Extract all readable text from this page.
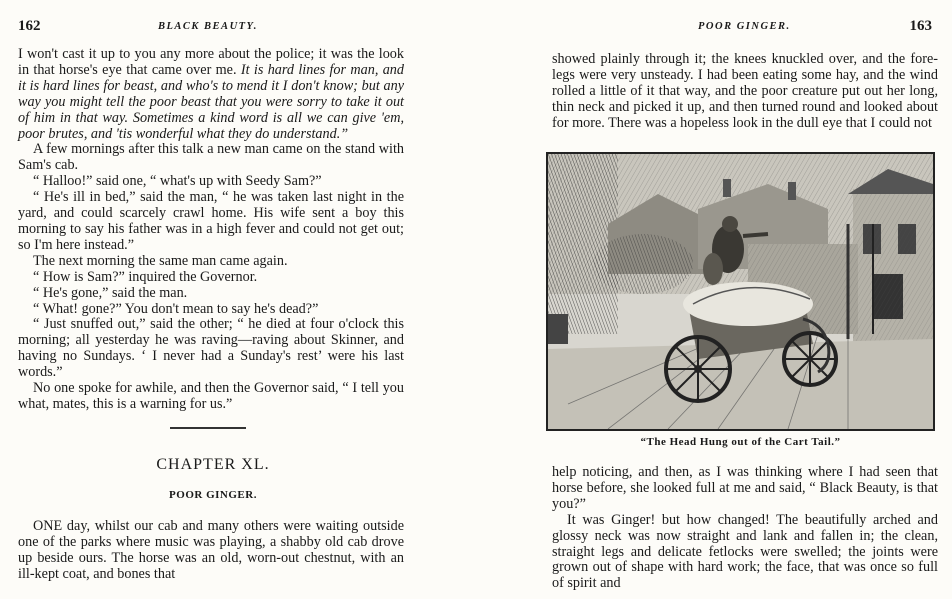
162	BLACK BEAUTY.

I won't cast it up to you any more about the police; it was the look in that horse's eye that came over me. It is hard lines for man, and it is hard lines for beast, and who's to mend it I don't know; but any way you might tell the poor beast that you were sorry to take it out of him in that way. Sometimes a kind word is all we can give 'em, poor brutes, and 'tis wonderful what they do understand.”

A few mornings after this talk a new man came on the stand with Sam's cab.

“ Halloo!” said one, “ what's up with Seedy Sam?”

“ He's ill in bed,” said the man, “ he was taken last night in the yard, and could scarcely crawl home. His wife sent a boy this morning to say his father was in a high fever and could not get out; so I'm here instead.”

The next morning the same man came again.

“ How is Sam?” inquired the Governor.

“ He's gone,” said the man.

“ What! gone?” You don't mean to say he's dead?”

“ Just snuffed out,” said the other; “ he died at four o'clock this morning; all yesterday he was raving—raving about Skinner, and having no Sundays. ‘ I never had a Sunday's rest’ were his last words.”

No one spoke for awhile, and then the Governor said, “ I tell you what, mates, this is a warning for us.”

CHAPTER XL.
POOR GINGER.

ONE day, whilst our cab and many others were waiting outside one of the parks where music was playing, a shabby old cab drove up beside ours. The horse was an old, worn-out chestnut, with an ill-kept coat, and bones that

POOR GINGER.	163

showed plainly through it; the knees knuckled over, and the fore-legs were very unsteady. I had been eating some hay, and the wind rolled a little of it that way, and the poor creature put out her long, thin neck and picked it up, and then turned round and looked about for more. There was a hopeless look in the dull eye that I could not

help noticing, and then, as I was thinking where I had seen that horse before, she looked full at me and said, “ Black Beauty, is that you?”

It was Ginger! but how changed! The beautifully arched and glossy neck was now straight and lank and fallen in; the clean, straight legs and delicate fetlocks were swelled; the joints were grown out of shape with hard work; the face, that was once so full of spirit and

“The Head Hung out of the Cart Tail.”
